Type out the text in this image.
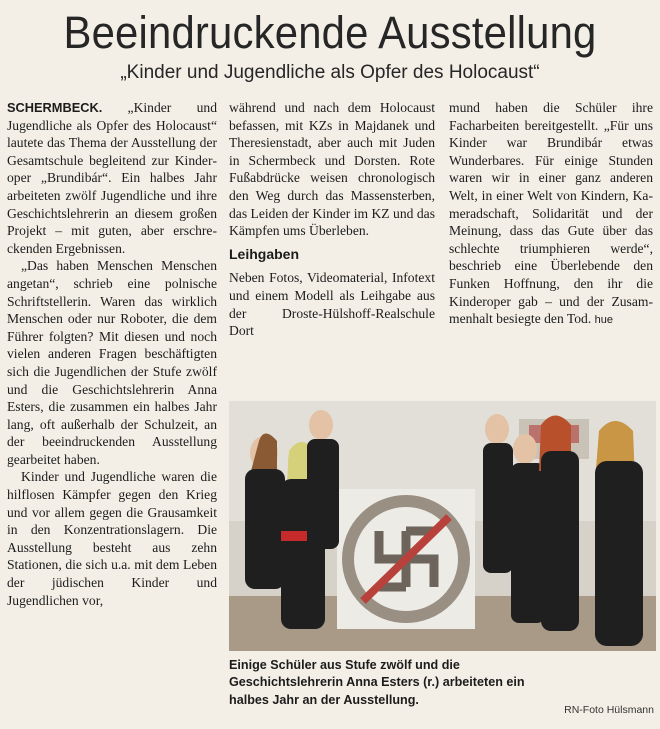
Beeindruckende Ausstellung
„Kinder und Jugendliche als Opfer des Holocaust“

SCHERMBECK. „Kinder und Jugendliche als Opfer des Holocaust“ lautete das Thema der Ausstellung der Gesamtschule begleitend zur Kinderoper „Brundibár“. Ein halbes Jahr arbeiteten zwölf Jugendliche und ihre Geschichtslehrerin an diesem großen Projekt – mit guten, aber erschreckenden Ergebnissen.

„Das haben Menschen Menschen angetan“, schrieb eine polnische Schriftstellerin. Waren das wirklich Menschen oder nur Roboter, die dem Führer folgten? Mit diesen und noch vielen anderen Fragen beschäftigten sich die Jugendlichen der Stufe zwölf und die Geschichtslehrerin Anna Esters, die zusammen ein halbes Jahr lang, oft außerhalb der Schulzeit, an der beeindruckenden Ausstellung gearbeitet haben.

Kinder und Jugendliche waren die hilflosen Kämpfer gegen den Krieg und vor allem gegen die Grausamkeit in den Konzentrationslagern. Die Ausstellung besteht aus zehn Stationen, die sich u.a. mit dem Leben der jüdischen Kinder und Jugendlichen vor,

während und nach dem Holocaust befassen, mit KZs in Majdanek und Theresienstadt, aber auch mit Juden in Schermbeck und Dorsten. Rote Fußabdrücke weisen chronologisch den Weg durch das Massensterben, das Leiden der Kinder im KZ und das Kämpfen ums Überleben.

Leihgaben

Neben Fotos, Videomaterial, Infotext und einem Modell als Leihgabe aus der Droste-Hülshoff-Realschule Dort

mund haben die Schüler ihre Facharbeiten bereitgestellt. „Für uns Kinder war Brundibár etwas Wunderbares. Für einige Stunden waren wir in einer ganz anderen Welt, in einer Welt von Kindern, Kameradschaft, Solidarität und der Meinung, dass das Gute über das schlechte triumphieren werde“, beschrieb eine Überlebende den Funken Hoffnung, den ihr die Kinderoper gab – und der Zusammenhalt besiegte den Tod. hue

Einige Schüler aus Stufe zwölf und die Geschichtslehrerin Anna Esters (r.) arbeiteten ein halbes Jahr an der Ausstellung.
RN-Foto Hülsmann
